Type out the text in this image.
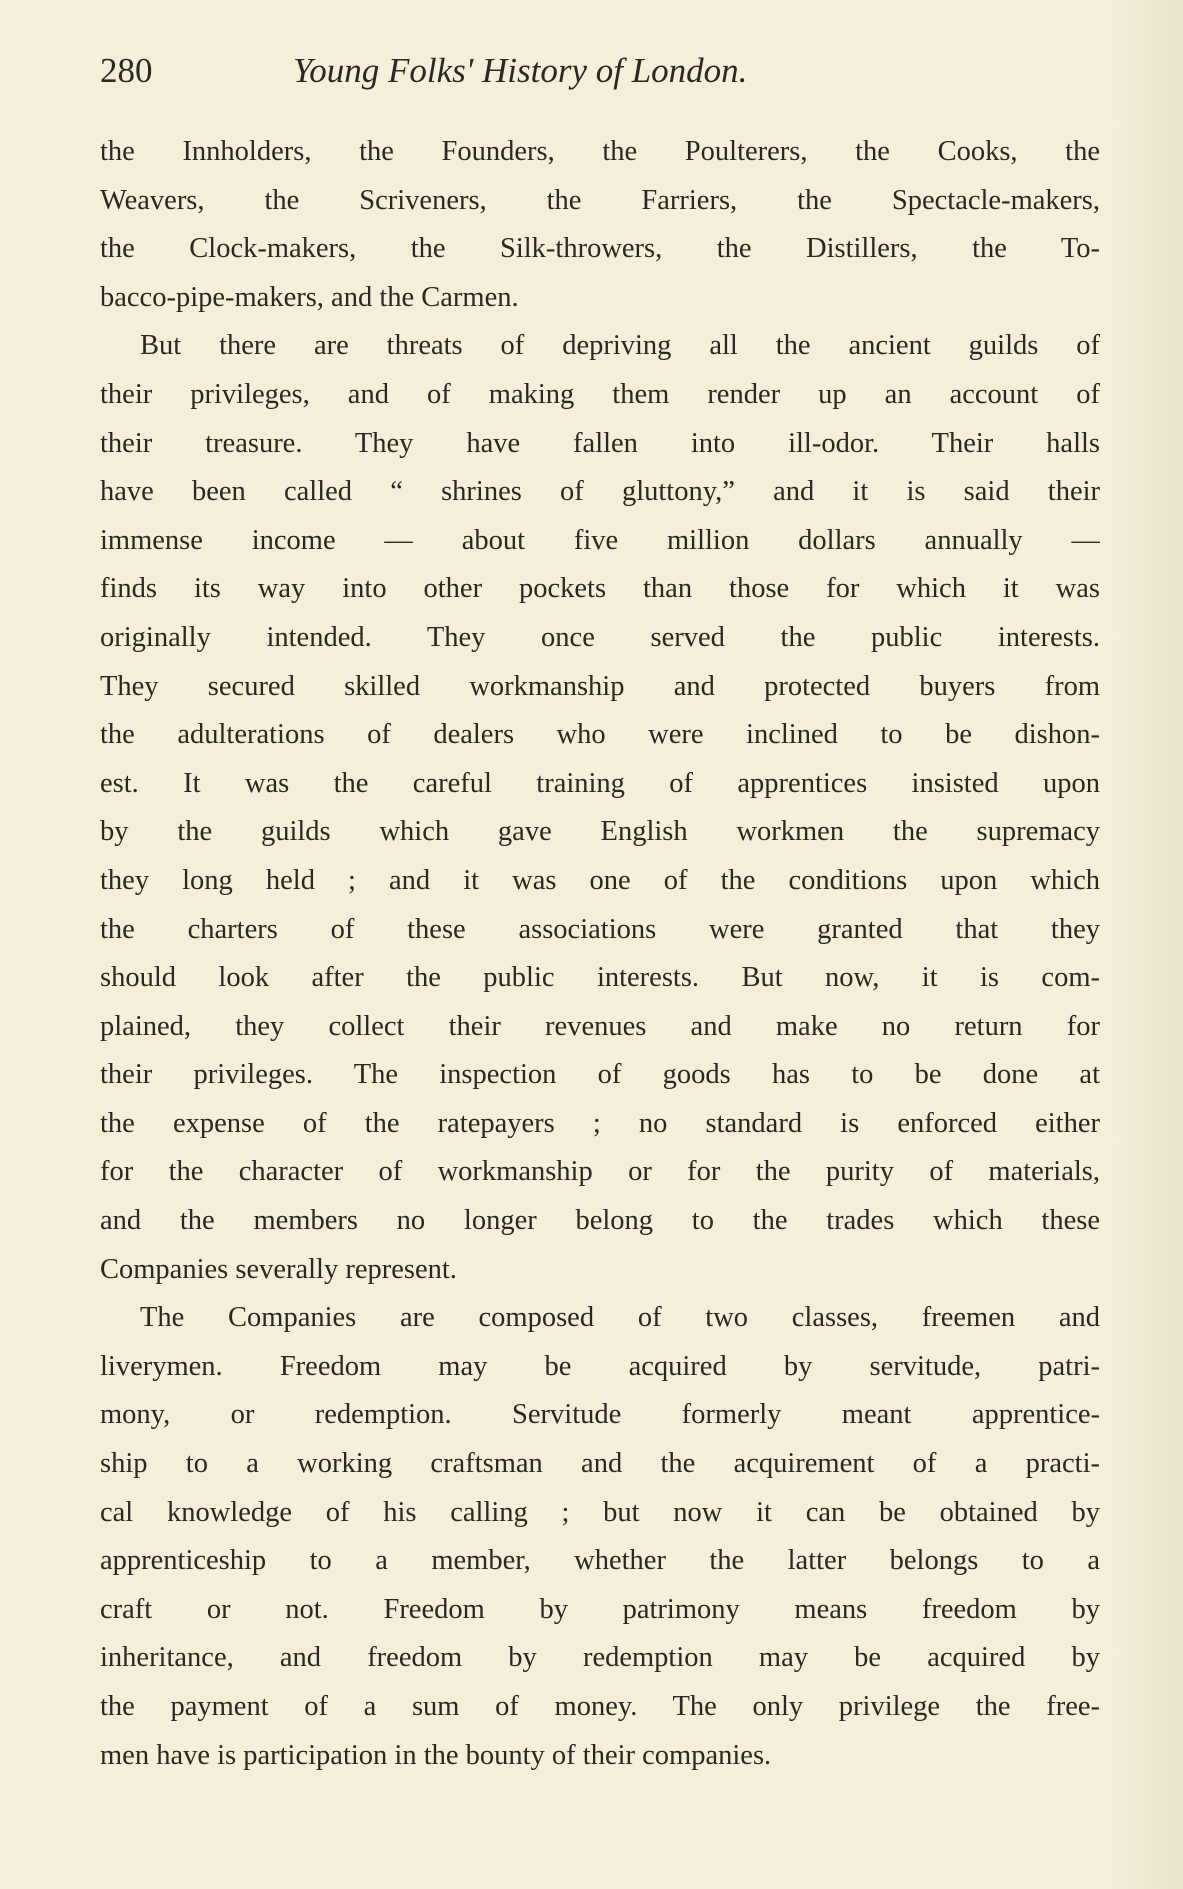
280	Young Folks' History of London.
the Innholders, the Founders, the Poulterers, the Cooks, the
Weavers, the Scriveners, the Farriers, the Spectacle-makers,
the Clock-makers, the Silk-throwers, the Distillers, the To-
bacco-pipe-makers, and the Carmen.
But there are threats of depriving all the ancient guilds of
their privileges, and of making them render up an account of
their treasure. They have fallen into ill-odor. Their halls
have been called “ shrines of gluttony,” and it is said their
immense income — about five million dollars annually —
finds its way into other pockets than those for which it was
originally intended. They once served the public interests.
They secured skilled workmanship and protected buyers from
the adulterations of dealers who were inclined to be dishon-
est. It was the careful training of apprentices insisted upon
by the guilds which gave English workmen the supremacy
they long held ; and it was one of the conditions upon which
the charters of these associations were granted that they
should look after the public interests. But now, it is com-
plained, they collect their revenues and make no return for
their privileges. The inspection of goods has to be done at
the expense of the ratepayers ; no standard is enforced either
for the character of workmanship or for the purity of materials,
and the members no longer belong to the trades which these
Companies severally represent.
The Companies are composed of two classes, freemen and
liverymen. Freedom may be acquired by servitude, patri-
mony, or redemption. Servitude formerly meant apprentice-
ship to a working craftsman and the acquirement of a practi-
cal knowledge of his calling ; but now it can be obtained by
apprenticeship to a member, whether the latter belongs to a
craft or not. Freedom by patrimony means freedom by
inheritance, and freedom by redemption may be acquired by
the payment of a sum of money. The only privilege the free-
men have is participation in the bounty of their companies.
